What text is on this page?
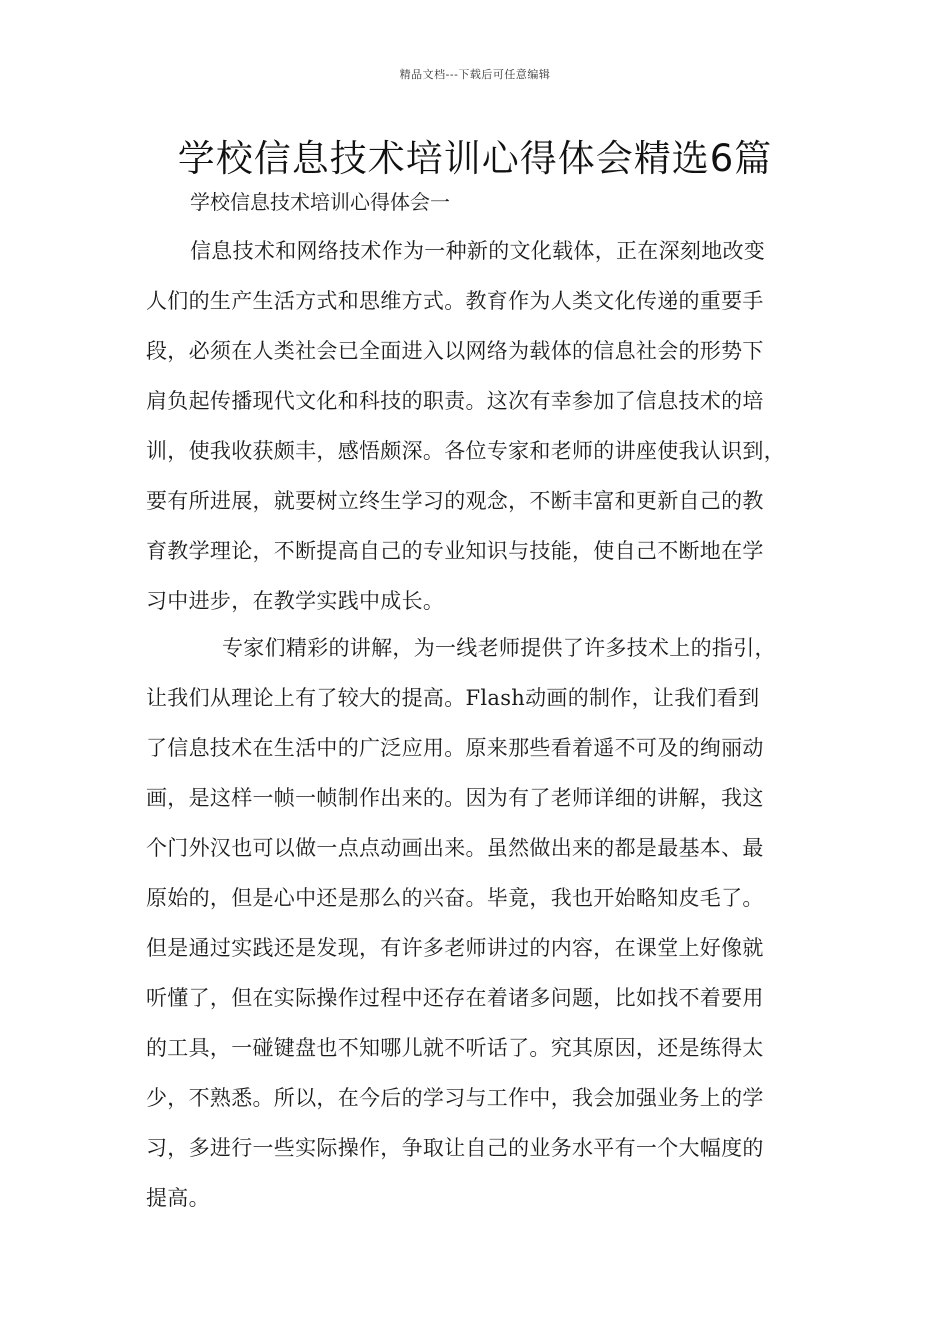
精品文档---下载后可任意编辑
学校信息技术培训心得体会精选6篇
学校信息技术培训心得体会一
信息技术和网络技术作为一种新的文化载体，正在深刻地改变
人们的生产生活方式和思维方式。教育作为人类文化传递的重要手
段，必须在人类社会已全面进入以网络为载体的信息社会的形势下
肩负起传播现代文化和科技的职责。这次有幸参加了信息技术的培
训，使我收获颇丰，感悟颇深。各位专家和老师的讲座使我认识到，
要有所进展，就要树立终生学习的观念，不断丰富和更新自己的教
育教学理论，不断提高自己的专业知识与技能，使自己不断地在学
习中进步，在教学实践中成长。
专家们精彩的讲解，为一线老师提供了许多技术上的指引，
让我们从理论上有了较大的提高。Flash动画的制作，让我们看到
了信息技术在生活中的广泛应用。原来那些看着遥不可及的绚丽动
画，是这样一帧一帧制作出来的。因为有了老师详细的讲解，我这
个门外汉也可以做一点点动画出来。虽然做出来的都是最基本、最
原始的，但是心中还是那么的兴奋。毕竟，我也开始略知皮毛了。
但是通过实践还是发现，有许多老师讲过的内容，在课堂上好像就
听懂了，但在实际操作过程中还存在着诸多问题，比如找不着要用
的工具，一碰键盘也不知哪儿就不听话了。究其原因，还是练得太
少，不熟悉。所以，在今后的学习与工作中，我会加强业务上的学
习，多进行一些实际操作，争取让自己的业务水平有一个大幅度的
提高。
